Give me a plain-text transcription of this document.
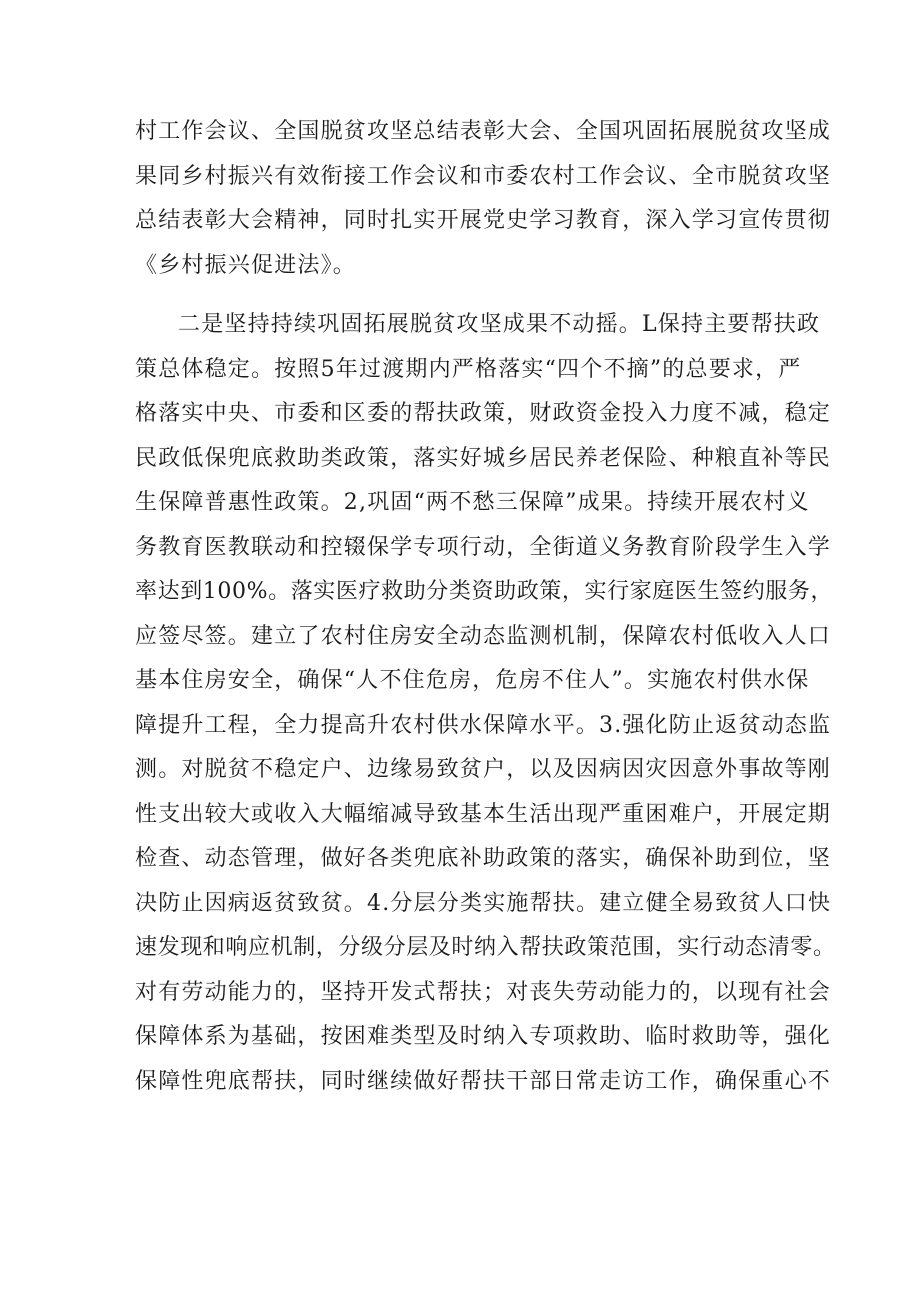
村工作会议、全国脱贫攻坚总结表彰大会、全国巩固拓展脱贫攻坚成
果同乡村振兴有效衔接工作会议和市委农村工作会议、全市脱贫攻坚
总结表彰大会精神，同时扎实开展党史学习教育，深入学习宣传贯彻
《乡村振兴促进法》。
二是坚持持续巩固拓展脱贫攻坚成果不动摇。L保持主要帮扶政
策总体稳定。按照5年过渡期内严格落实“四个不摘”的总要求，严
格落实中央、市委和区委的帮扶政策，财政资金投入力度不减，稳定
民政低保兜底救助类政策，落实好城乡居民养老保险、种粮直补等民
生保障普惠性政策。2,巩固“两不愁三保障”成果。持续开展农村义
务教育医教联动和控辍保学专项行动，全街道义务教育阶段学生入学
率达到100%。落实医疗救助分类资助政策，实行家庭医生签约服务，
应签尽签。建立了农村住房安全动态监测机制，保障农村低收入人口
基本住房安全，确保“人不住危房，危房不住人”。实施农村供水保
障提升工程，全力提高升农村供水保障水平。3.强化防止返贫动态监
测。对脱贫不稳定户、边缘易致贫户，以及因病因灾因意外事故等刚
性支出较大或收入大幅缩减导致基本生活出现严重困难户，开展定期
检查、动态管理，做好各类兜底补助政策的落实，确保补助到位，坚
决防止因病返贫致贫。4.分层分类实施帮扶。建立健全易致贫人口快
速发现和响应机制，分级分层及时纳入帮扶政策范围，实行动态清零。
对有劳动能力的，坚持开发式帮扶；对丧失劳动能力的，以现有社会
保障体系为基础，按困难类型及时纳入专项救助、临时救助等，强化
保障性兜底帮扶，同时继续做好帮扶干部日常走访工作，确保重心不
